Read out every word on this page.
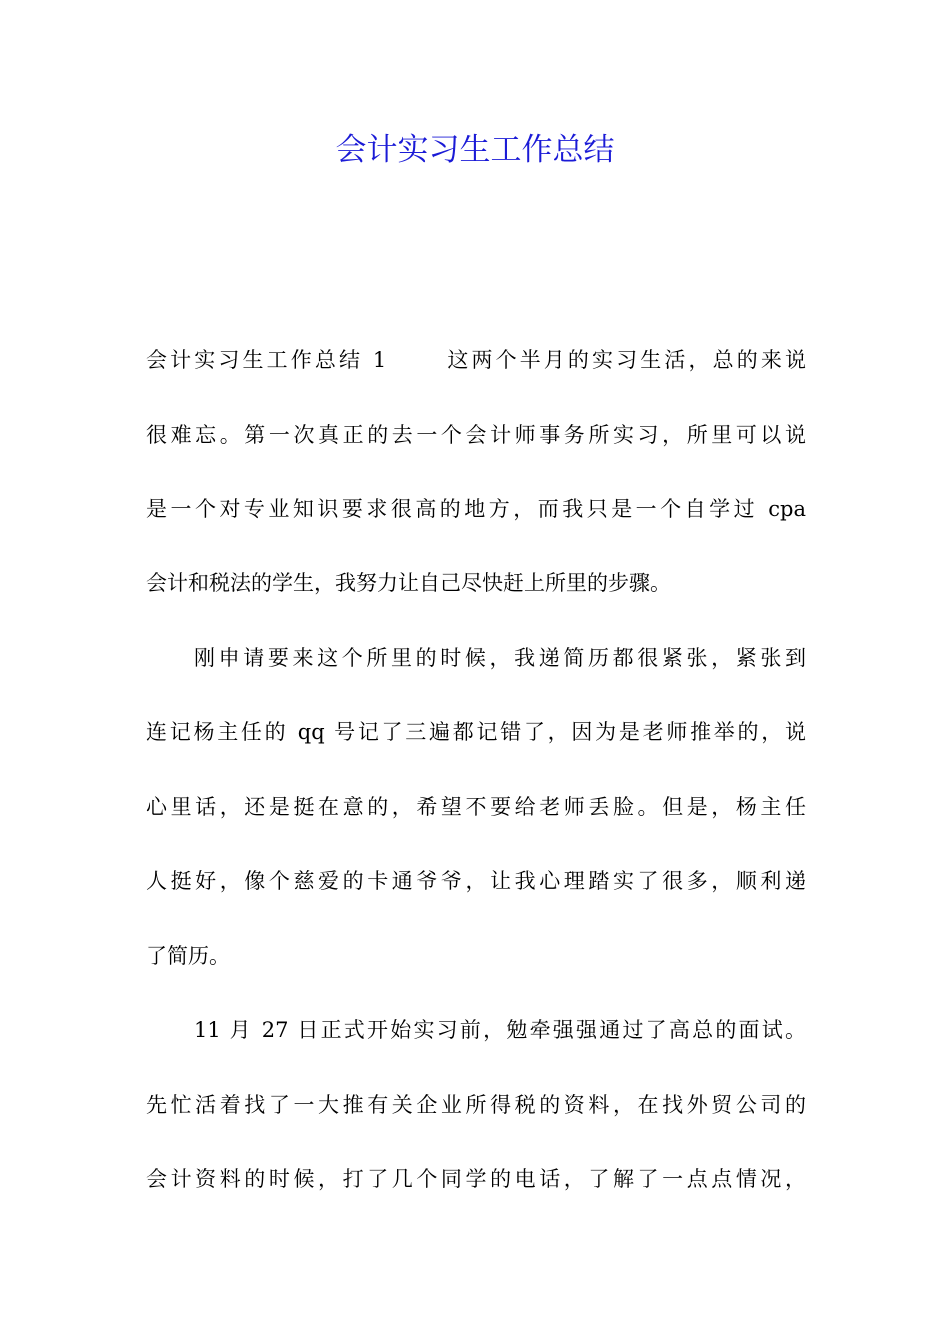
会计实习生工作总结

会计实习生工作总结 1	这两个半月的实习生活，总的来说

很难忘。第一次真正的去一个会计师事务所实习，所里可以说

是一个对专业知识要求很高的地方，而我只是一个自学过 cpa

会计和税法的学生，我努力让自己尽快赶上所里的步骤。

刚申请要来这个所里的时候，我递简历都很紧张，紧张到

连记杨主任的 qq 号记了三遍都记错了，因为是老师推举的，说

心里话，还是挺在意的，希望不要给老师丢脸。但是，杨主任

人挺好，像个慈爱的卡通爷爷，让我心理踏实了很多，顺利递

了简历。

11 月 27 日正式开始实习前，勉牵强强通过了高总的面试。

先忙活着找了一大推有关企业所得税的资料，在找外贸公司的

会计资料的时候，打了几个同学的电话，了解了一点点情况，
